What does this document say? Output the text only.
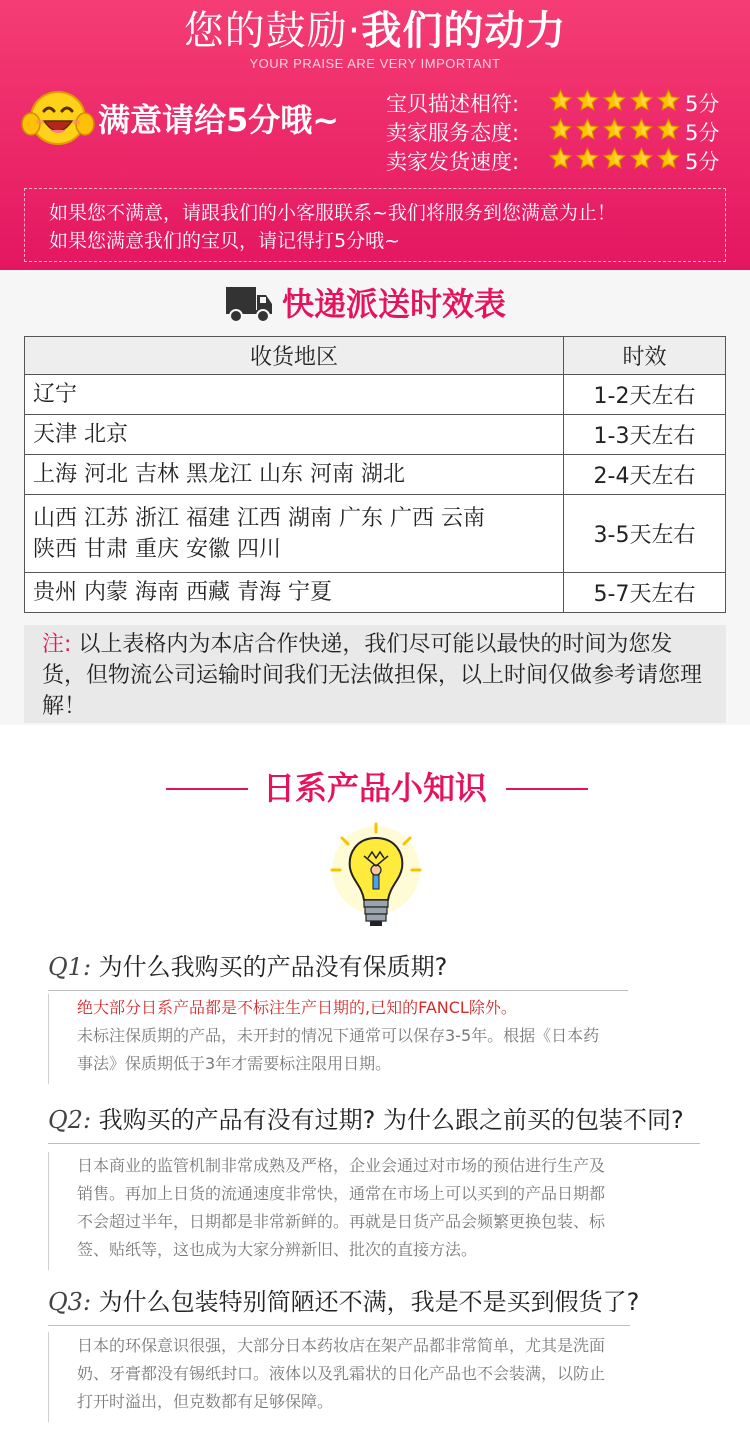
您的鼓励·我们的动力
YOUR PRAISE ARE VERY IMPORTANT
满意请给5分哦~ 宝贝描述相符:	5分
卖家服务态度:	5分
卖家发货速度:	5分

如果您不满意，请跟我们的小客服联系~我们将服务到您满意为止！

如果您满意我们的宝贝，请记得打5分哦~

快递派送时效表
收货地区	时效

辽宁	1-2天左右

天津 北京	1-3天左右

上海 河北 吉林 黑龙江 山东 河南 湖北	2-4天左右

山西 江苏 浙江 福建 江西 湖南 广东 广西 云南
陕西 甘肃 重庆 安徽 四川	3-5天左右

贵州 内蒙 海南 西藏 青海 宁夏	5-7天左右
注: 以上表格内为本店合作快递，我们尽可能以最快的时间为您发货，但物流公司运输时间我们无法做担保，以上时间仅做参考请您理解！
日系产品小知识
Q1: 为什么我购买的产品没有保质期?

绝大部分日系产品都是不标注生产日期的,已知的FANCL除外。

未标注保质期的产品，未开封的情况下通常可以保存3-5年。根据《日本药

事法》保质期低于3年才需要标注限用日期。

Q2: 我购买的产品有没有过期? 为什么跟之前买的包装不同?

日本商业的监管机制非常成熟及严格，企业会通过对市场的预估进行生产及

销售。再加上日货的流通速度非常快，通常在市场上可以买到的产品日期都

不会超过半年，日期都是非常新鲜的。再就是日货产品会频繁更换包装、标

签、贴纸等，这也成为大家分辨新旧、批次的直接方法。

Q3: 为什么包装特别简陋还不满，我是不是买到假货了?

日本的环保意识很强，大部分日本药妆店在架产品都非常简单，尤其是洗面

奶、牙膏都没有锡纸封口。液体以及乳霜状的日化产品也不会装满，以防止

打开时溢出，但克数都有足够保障。
